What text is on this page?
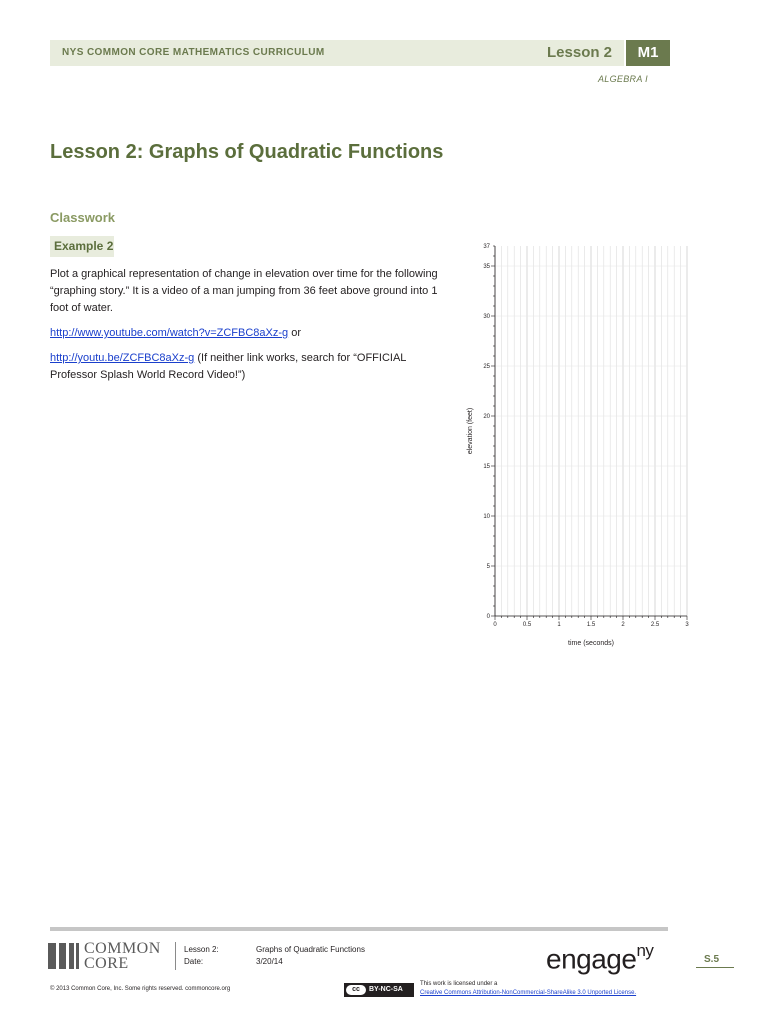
NYS COMMON CORE MATHEMATICS CURRICULUM	Lesson 2	M1
ALGEBRA I
Lesson 2: Graphs of Quadratic Functions
Classwork
Example 2

Plot a graphical representation of change in elevation over time for the following “graphing story.” It is a video of a man jumping from 36 feet above ground into 1 foot of water.

http://www.youtube.com/watch?v=ZCFBC8aXz-g or

http://youtu.be/ZCFBC8aXz-g (If neither link works, search for “OFFICIAL Professor Splash World Record Video!”)

0	0.5	1	1.5	2	2.5	3
0
5
10
15
20
25
30
35
37
time (seconds)
elevation (feet)
COMMON
CORE
Lesson 2:
Date:
Graphs of Quadratic Functions
3/20/14	engage$^{ny}$	S.5
© 2013 Common Core, Inc. Some rights reserved. commoncore.org	cc	BY-NC-SA
This work is licensed under a
Creative Commons Attribution-NonCommercial-ShareAlike 3.0 Unported License.
